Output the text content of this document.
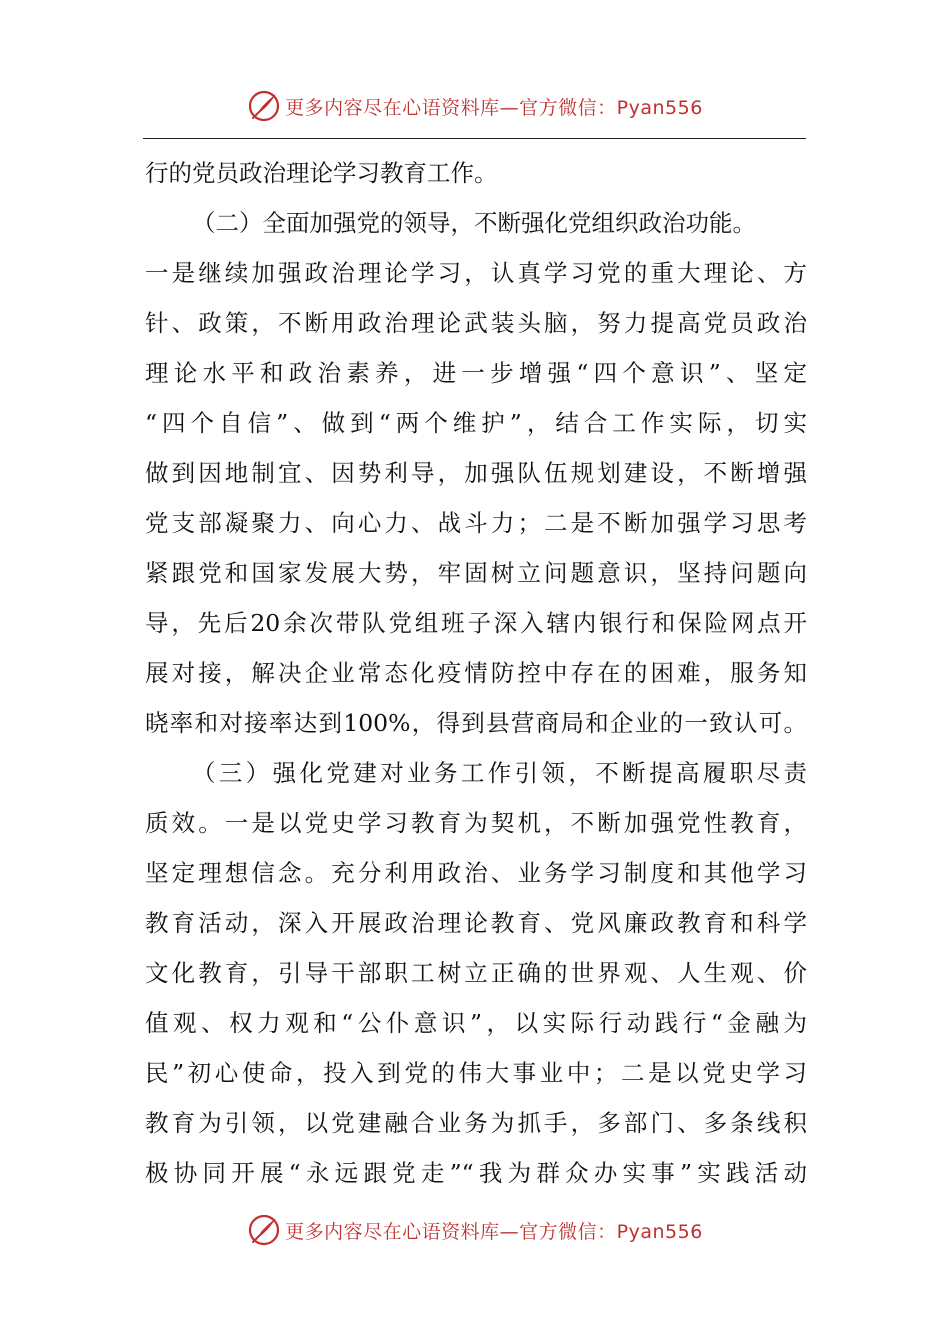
更多内容尽在心语资料库—官方微信：Pyan556
行的党员政治理论学习教育工作。
（二）全面加强党的领导，不断强化党组织政治功能。
一是继续加强政治理论学习，认真学习党的重大理论、方
针、政策，不断用政治理论武装头脑，努力提高党员政治
理论水平和政治素养，进一步增强“四个意识”、坚定
“四个自信”、做到“两个维护”，结合工作实际，切实
做到因地制宜、因势利导，加强队伍规划建设，不断增强
党支部凝聚力、向心力、战斗力；二是不断加强学习思考
紧跟党和国家发展大势，牢固树立问题意识，坚持问题向
导，先后20余次带队党组班子深入辖内银行和保险网点开
展对接，解决企业常态化疫情防控中存在的困难，服务知
晓率和对接率达到100%，得到县营商局和企业的一致认可。
（三）强化党建对业务工作引领，不断提高履职尽责
质效。一是以党史学习教育为契机，不断加强党性教育，
坚定理想信念。充分利用政治、业务学习制度和其他学习
教育活动，深入开展政治理论教育、党风廉政教育和科学
文化教育，引导干部职工树立正确的世界观、人生观、价
值观、权力观和“公仆意识”，以实际行动践行“金融为
民”初心使命，投入到党的伟大事业中；二是以党史学习
教育为引领，以党建融合业务为抓手，多部门、多条线积
极协同开展“永远跟党走”“我为群众办实事”实践活动
更多内容尽在心语资料库—官方微信：Pyan556
